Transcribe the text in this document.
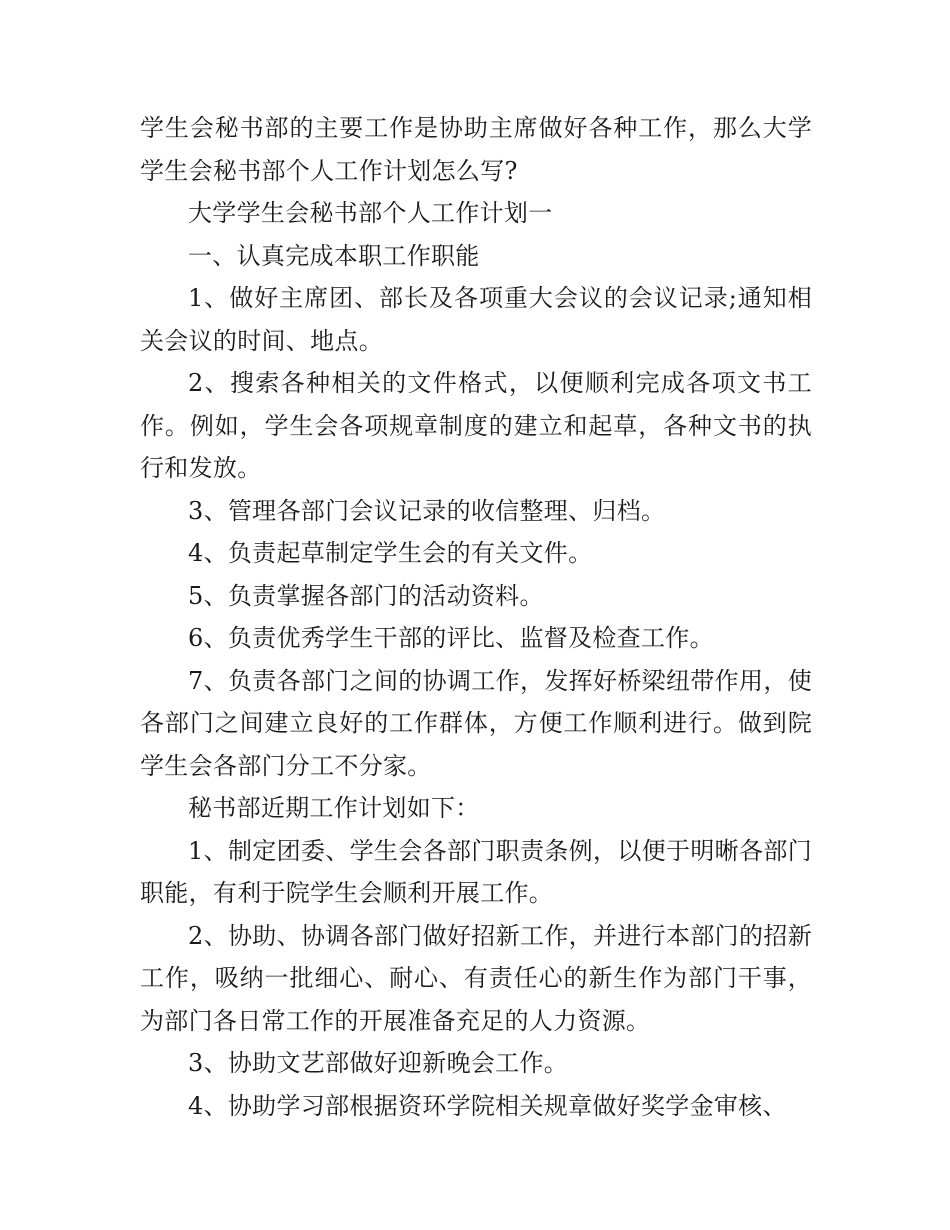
学生会秘书部的主要工作是协助主席做好各种工作，那么大学学生会秘书部个人工作计划怎么写?

大学学生会秘书部个人工作计划一

一、认真完成本职工作职能

1、做好主席团、部长及各项重大会议的会议记录;通知相关会议的时间、地点。

2、搜索各种相关的文件格式，以便顺利完成各项文书工作。例如，学生会各项规章制度的建立和起草，各种文书的执行和发放。

3、管理各部门会议记录的收信整理、归档。

4、负责起草制定学生会的有关文件。

5、负责掌握各部门的活动资料。

6、负责优秀学生干部的评比、监督及检查工作。

7、负责各部门之间的协调工作，发挥好桥梁纽带作用，使各部门之间建立良好的工作群体，方便工作顺利进行。做到院学生会各部门分工不分家。

秘书部近期工作计划如下：

1、制定团委、学生会各部门职责条例，以便于明晰各部门职能，有利于院学生会顺利开展工作。

2、协助、协调各部门做好招新工作，并进行本部门的招新工作，吸纳一批细心、耐心、有责任心的新生作为部门干事，为部门各日常工作的开展准备充足的人力资源。

3、协助文艺部做好迎新晚会工作。

4、协助学习部根据资环学院相关规章做好奖学金审核、
